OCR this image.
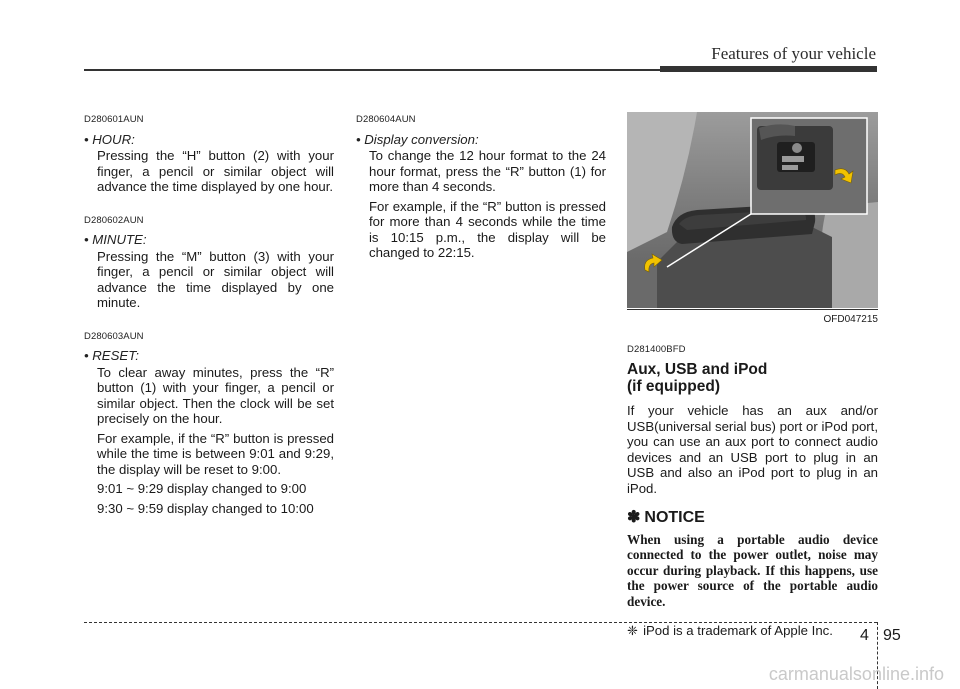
Features of your vehicle
D280601AUN
• HOUR:
Pressing the “H” button (2) with your finger, a pencil or similar object will advance the time displayed by one hour.
D280602AUN
• MINUTE:
Pressing the “M” button (3) with your finger, a pencil or similar object will advance the time displayed by one minute.
D280603AUN
• RESET:
To clear away minutes, press the “R” button (1) with your finger, a pencil or similar object. Then the clock will be set precisely on the hour.
For example, if the “R” button is pressed while the time is between 9:01 and 9:29, the display will be reset to 9:00.
9:01 ~ 9:29 display changed to 9:00
9:30 ~ 9:59 display changed to 10:00
D280604AUN
• Display conversion:
To change the 12 hour format to the 24 hour format, press the “R” button (1) for more than 4 seconds.
For example, if the “R” button is pressed for more than 4 seconds while the time is 10:15 p.m., the display will be changed to 22:15.
OFD047215
D281400BFD
Aux, USB and iPod
(if equipped)
If your vehicle has an aux and/or USB(universal serial bus) port or iPod port, you can use an aux port to connect audio devices and an USB port to plug in an USB and also an iPod port to plug in an iPod.
✽ NOTICE
When using a portable audio device connected to the power outlet, noise may occur during playback. If this happens, use the power source of the portable audio device.
❈ iPod is a trademark of Apple Inc. 4 95
carmanualsonline.info
